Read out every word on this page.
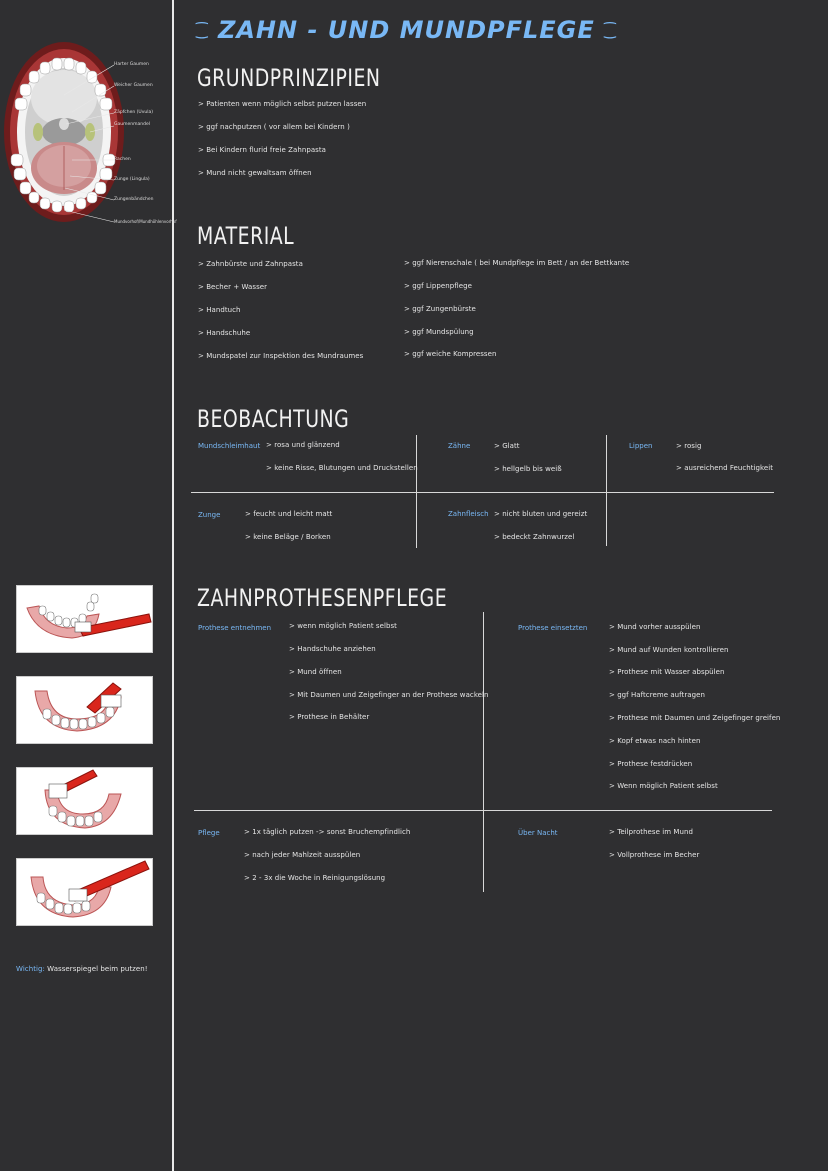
Harter Gaumen
Weicher Gaumen
Zäpfchen (Uvula)
Gaumenmandel
Rachen
Zunge (Lingula)
Zungenbändchen
Mundvorhof/Mundhöhlenvorhof
Wichtig: Wasserspiegel beim putzen!
⁐ ZAHN - UND MUNDPFLEGE ⁐
GRUNDPRINZIPIEN
> Patienten wenn möglich selbst putzen lassen
> ggf nachputzen ( vor allem bei Kindern )
> Bei Kindern flurid freie Zahnpasta
> Mund nicht gewaltsam öffnen
MATERIAL
> Zahnbürste und Zahnpasta
> Becher + Wasser
> Handtuch
> Handschuhe
> Mundspatel zur Inspektion des Mundraumes
> ggf Nierenschale ( bei Mundpflege im Bett / an der Bettkante
> ggf Lippenpflege
> ggf Zungenbürste
> ggf Mundspülung
> ggf weiche Kompressen
BEOBACHTUNG
Mundschleimhaut > rosa und glänzend
> keine Risse, Blutungen und Druckstellen
Zähne	> Glatt
> hellgelb bis weiß
Lippen	> rosig
> ausreichend Feuchtigkeit
Zunge	> feucht und leicht matt
> keine Beläge / Borken
Zahnfleisch > nicht bluten und gereizt
> bedeckt Zahnwurzel
ZAHNPROTHESENPFLEGE
Prothese entnehmen	> wenn möglich Patient selbst
> Handschuhe anziehen
> Mund öffnen
> Mit Daumen und Zeigefinger an der Prothese wackeln
> Prothese in Behälter
Prothese einsetzten	> Mund vorher ausspülen
> Mund auf Wunden kontrollieren
> Prothese mit Wasser abspülen
> ggf Haftcreme auftragen
> Prothese mit Daumen und Zeigefinger greifen
> Kopf etwas nach hinten
> Prothese festdrücken
> Wenn möglich Patient selbst
Pflege	> 1x täglich putzen -> sonst Bruchempfindlich
> nach jeder Mahlzeit ausspülen
> 2 - 3x die Woche in Reinigungslösung
Über Nacht	> Teilprothese im Mund
> Vollprothese im Becher
